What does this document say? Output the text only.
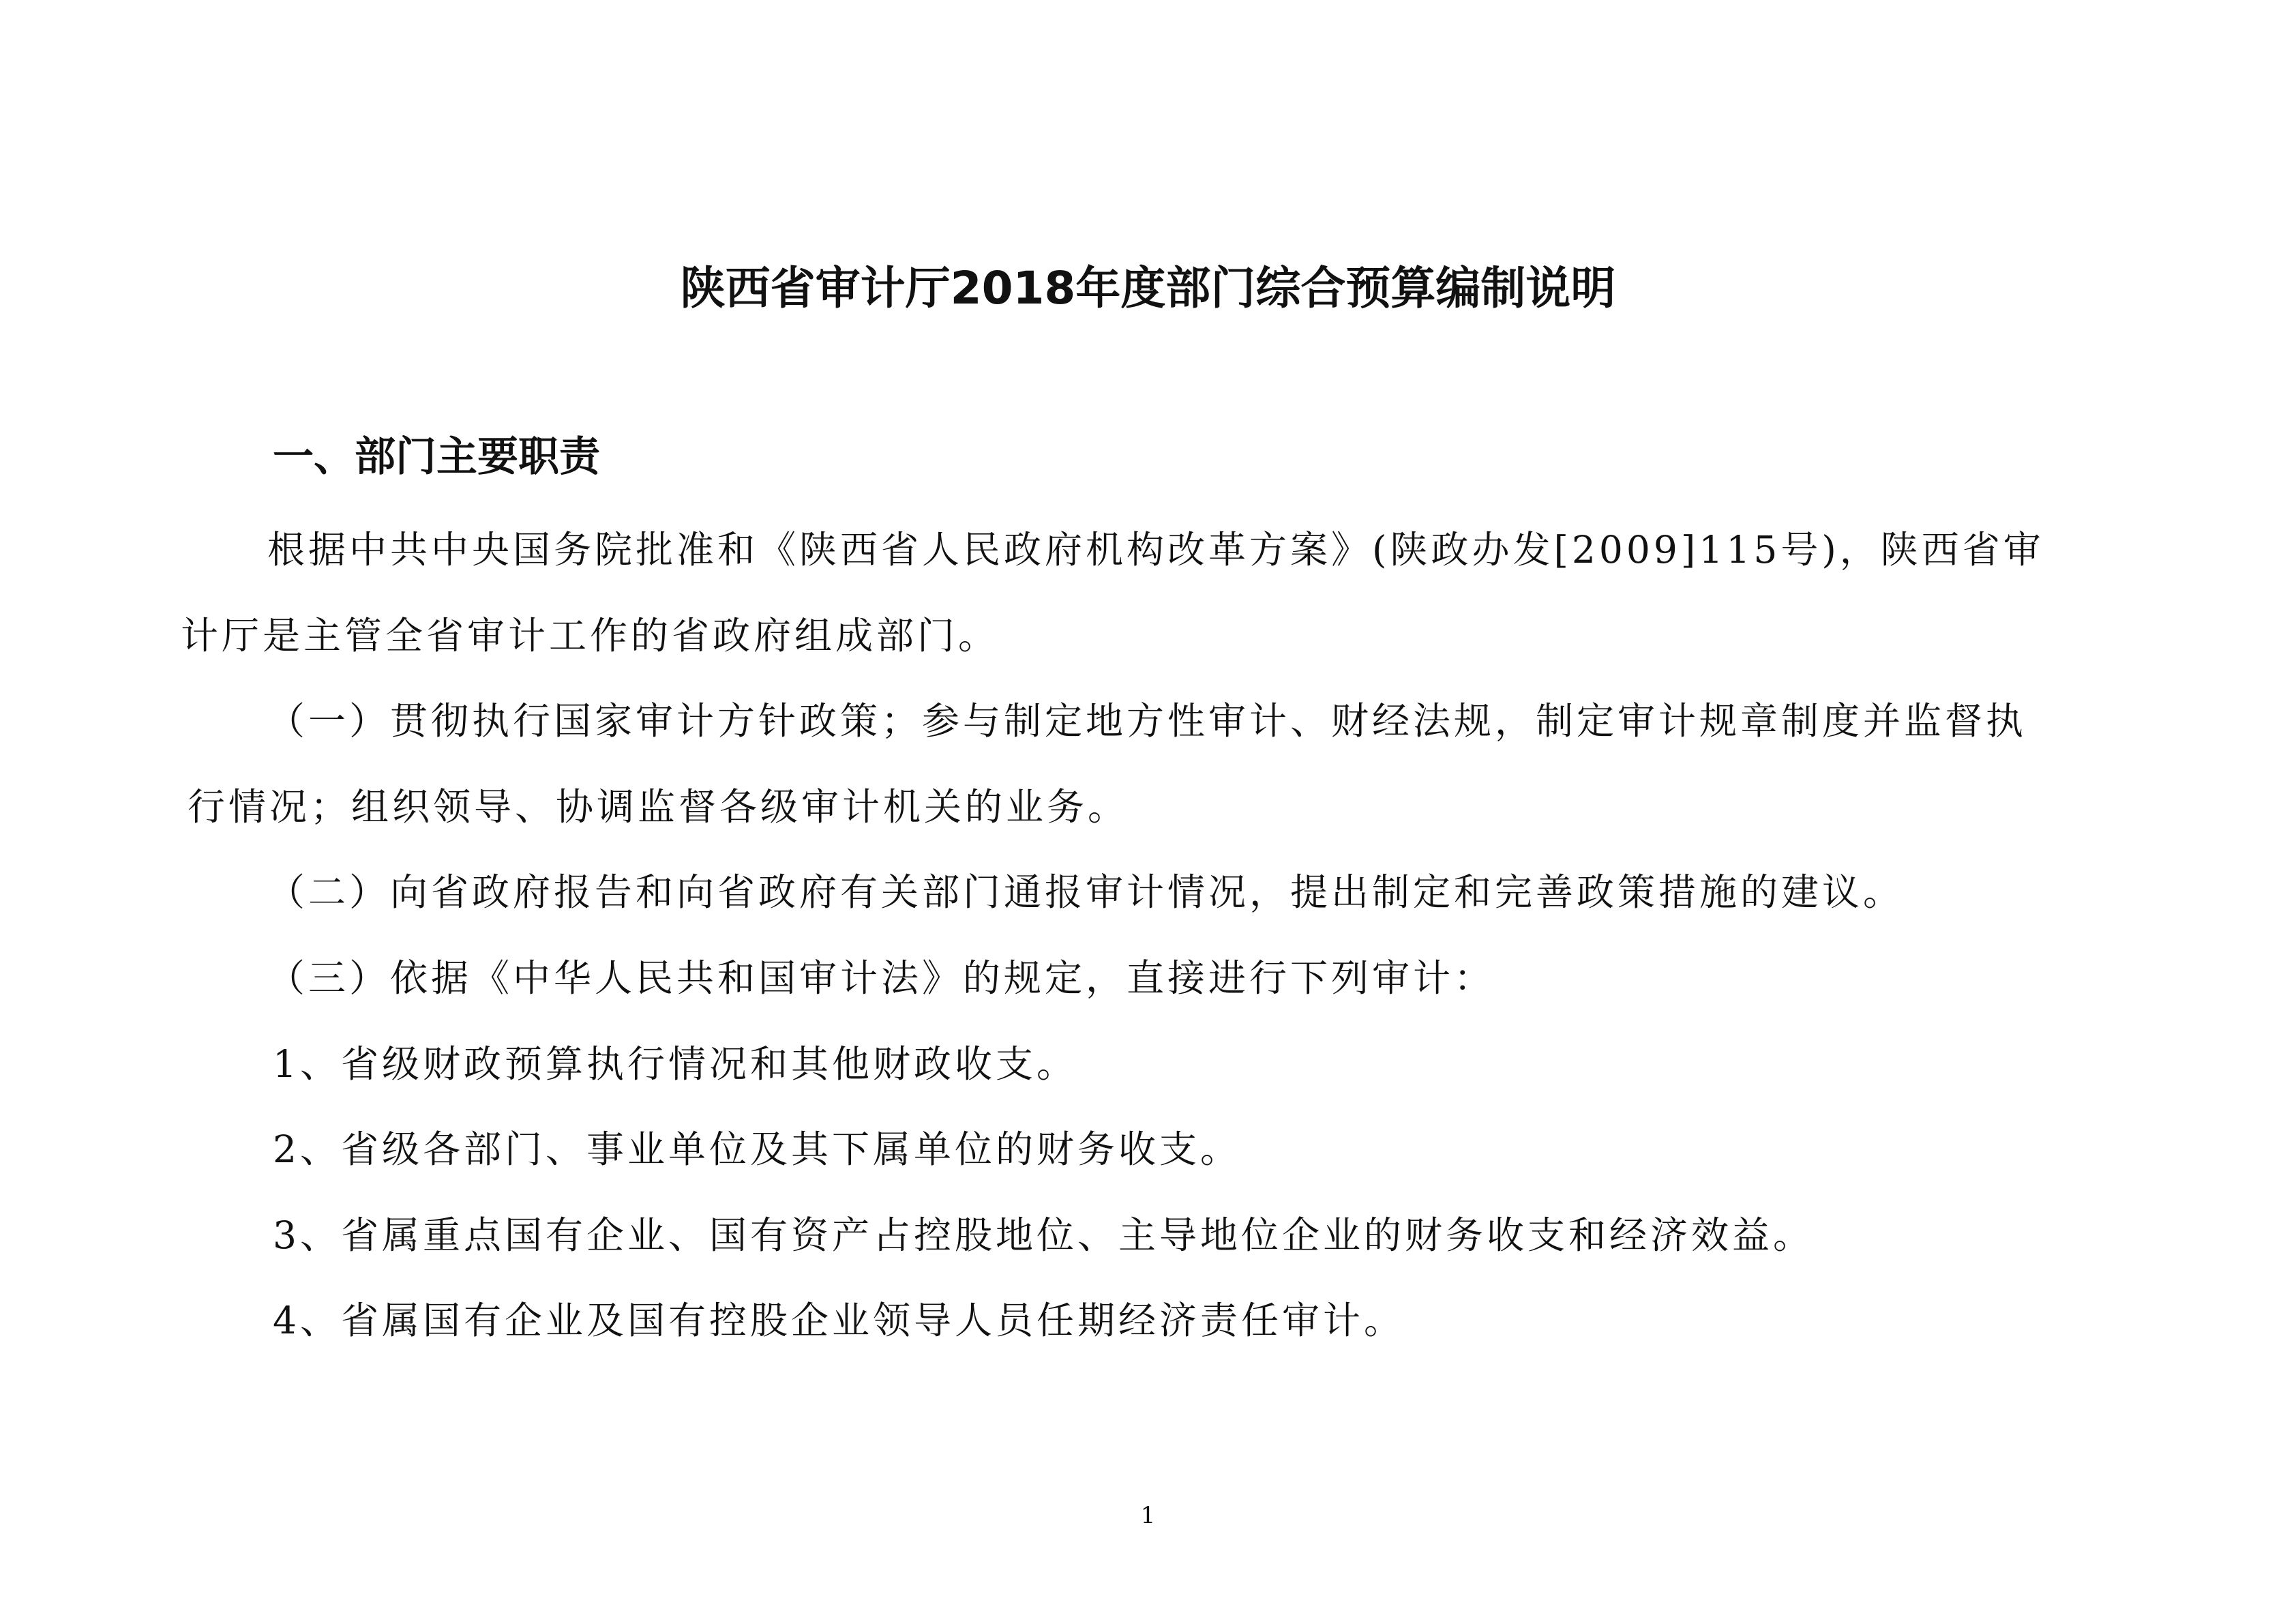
陕西省审计厅2018年度部门综合预算编制说明
一、部门主要职责
根据中共中央国务院批准和《陕西省人民政府机构改革方案》(陕政办发[2009]115号)，陕西省审
计厅是主管全省审计工作的省政府组成部门。
（一）贯彻执行国家审计方针政策；参与制定地方性审计、财经法规，制定审计规章制度并监督执
行情况；组织领导、协调监督各级审计机关的业务。
（二）向省政府报告和向省政府有关部门通报审计情况，提出制定和完善政策措施的建议。
（三）依据《中华人民共和国审计法》的规定，直接进行下列审计：
1、省级财政预算执行情况和其他财政收支。
2、省级各部门、事业单位及其下属单位的财务收支。
3、省属重点国有企业、国有资产占控股地位、主导地位企业的财务收支和经济效益。
4、省属国有企业及国有控股企业领导人员任期经济责任审计。
1
